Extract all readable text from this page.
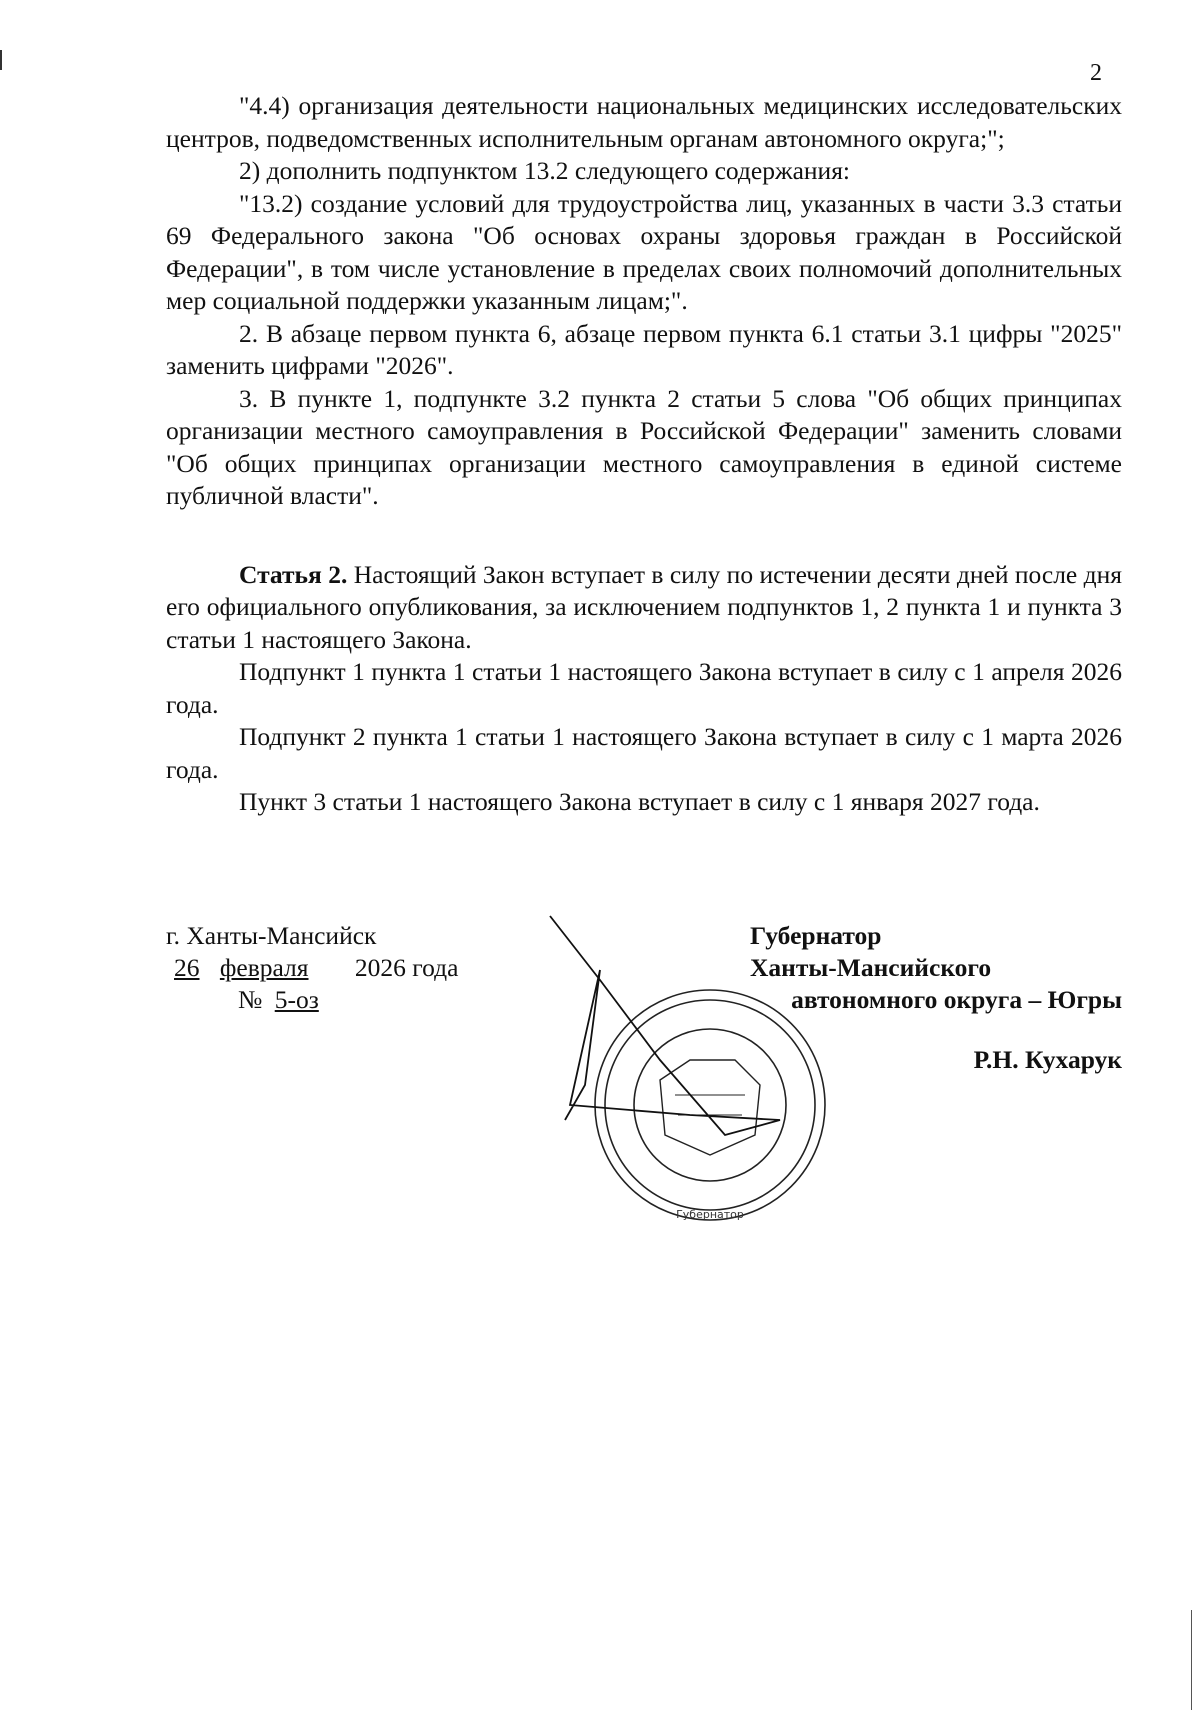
2

"4.4) организация деятельности национальных медицинских исследовательских центров, подведомственных исполнительным органам автономного округа;";

2) дополнить подпунктом 13.2 следующего содержания:

"13.2) создание условий для трудоустройства лиц, указанных в части 3.3 статьи 69 Федерального закона "Об основах охраны здоровья граждан в Российской Федерации", в том числе установление в пределах своих полномочий дополнительных мер социальной поддержки указанным лицам;".

2. В абзаце первом пункта 6, абзаце первом пункта 6.1 статьи 3.1 цифры "2025" заменить цифрами "2026".

3. В пункте 1, подпункте 3.2 пункта 2 статьи 5 слова "Об общих принципах организации местного самоуправления в Российской Федерации" заменить словами "Об общих принципах организации местного самоуправления в единой системе публичной власти".

Статья 2. Настоящий Закон вступает в силу по истечении десяти дней после дня его официального опубликования, за исключением подпунктов 1, 2 пункта 1 и пункта 3 статьи 1 настоящего Закона.

Подпункт 1 пункта 1 статьи 1 настоящего Закона вступает в силу с 1 апреля 2026 года.

Подпункт 2 пункта 1 статьи 1 настоящего Закона вступает в силу с 1 марта 2026 года.

Пункт 3 статьи 1 настоящего Закона вступает в силу с 1 января 2027 года.

г. Ханты-Мансийск
26 февраля 2026 года
№ 5-оз
Губернатор
Ханты-Мансийского
автономного округа – Югры
Р.Н. Кухарук
Губернатор
